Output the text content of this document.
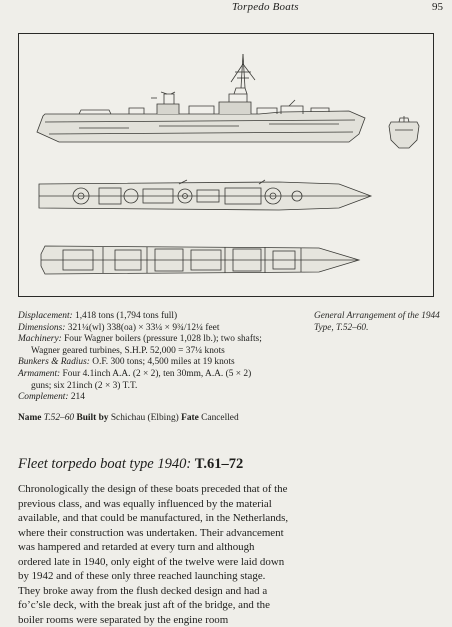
Torpedo Boats	95
Displacement: 1,418 tons (1,794 tons full)
Dimensions: 321¼(wl) 338(oa) × 33¼ × 9¾/12¼ feet
Machinery: Four Wagner boilers (pressure 1,028 lb.); two shafts;
Wagner geared turbines, S.H.P. 52,000 = 37¼ knots
Bunkers & Radius: O.F. 300 tons; 4,500 miles at 19 knots
Armament: Four 4.1inch A.A. (2 × 2), ten 30mm, A.A. (5 × 2)
guns; six 21inch (2 × 3) T.T.
Complement: 214
General Arrangement of the 1944 Type, T.52–60.
Name T.52–60 Built by Schichau (Elbing) Fate Cancelled
Fleet torpedo boat type 1940: T.61–72
Chronologically the design of these boats preceded that of the
previous class, and was equally influenced by the material
available, and that could be manufactured, in the Netherlands,
where their construction was undertaken. Their advancement
was hampered and retarded at every turn and although
ordered late in 1940, only eight of the twelve were laid down
by 1942 and of these only three reached launching stage.
They broke away from the flush decked design and had a
fo’c’sle deck, with the break just aft of the bridge, and the
boiler rooms were separated by the engine room
